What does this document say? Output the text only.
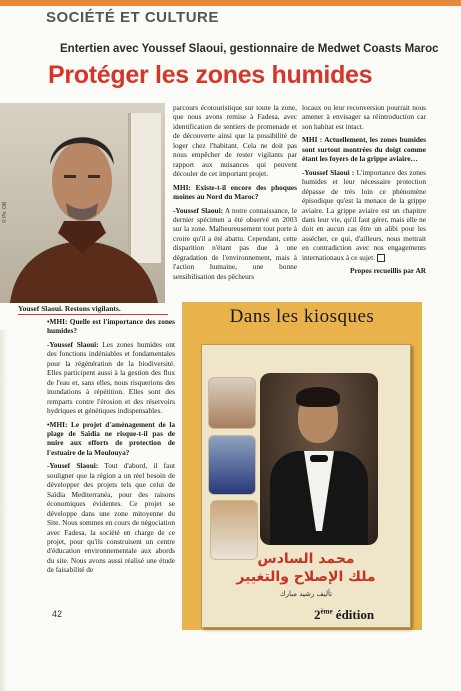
SOCIÉTÉ ET CULTURE
Entertien avec Youssef Slaoui, gestionnaire de Medwet Coasts Maroc
Protéger les zones humides
© Ph. OB
Yousef Slaoui. Restons vigilants.

parcours écotouristique sur toute la zone, que nous avons remise à Fadesa, avec identification de sentiers de promenade et de découverte ainsi que la possibilité de loger chez l'habitant. Cela ne doit pas nous empêcher de rester vigilants par rapport aux nuisances qui peuvent découler de cet important projet.

MHI: Existe-t-il encore des phoques moines au Nord du Maroc?

-Youssef Slaoui: A notre connaissance, le dernier spécimen a été observé en 2003 sur la zone. Malheureusement tout porte à croire qu'il a été abattu. Cependant, cette disparition n'étant pas due à une dégradation de l'environnement, mais à l'action humaine, une bonne sensibilisation des pêcheurs

locaux ou leur reconversion pourrait nous amener à envisager sa réintroduction car son habitat est intact.

MHI : Actuellement, les zones humides sont surtout montrées du doigt comme étant les foyers de la grippe aviaire…

-Youssef Slaoui : L'importance des zones humides et leur nécessaire protection dépasse de très loin ce phénomène épisodique qu'est la menace de la grippe aviaire. La grippe aviaire est un chapitre dans leur vie, qu'il faut gérer, mais elle ne doit en aucun cas être un alibi pour les assécher, ce qui, d'ailleurs, nous mettrait en contradiction avec nos engagements internationaux à ce sujet.

Propos recueillis par AR

•MHI: Quelle est l'importance des zones humides?

-Youssef Slaoui: Les zones humides ont des fonctions indéniables et fondamentales pour la régénération de la biodiversité. Elles participent aussi à la gestion des flux de l'eau et, sans elles, nous risquerions des inondations à répétition. Elles sont des remparts contre l'érosion et des réservoirs hydriques et génétiques indispensables.

•MHI: Le projet d'aménagement de la plage de Saïdia ne risque-t-il pas de nuire aux efforts de protection de l'estuaire de la Moulouya?

-Yousef Slaoui: Tout d'abord, il faut souligner que la région a un réel besoin de développer des projets tels que celui de Saïdia Mediterranéa, pour des raisons économiques évidentes. Ce projet se développe dans une zone mitoyenne du Site. Nous sommes en cours de négociation avec Fadesa, la société en charge de ce projet, pour qu'ils construisent un centre d'éducation environnementale aux abords du site. Nous avons aussi réalisé une étude de faisabilité de

42
Dans les kiosques
محمد السادس
ملك الإصلاح والتغيير
تأليف رشيد مبارك
2ème édition
